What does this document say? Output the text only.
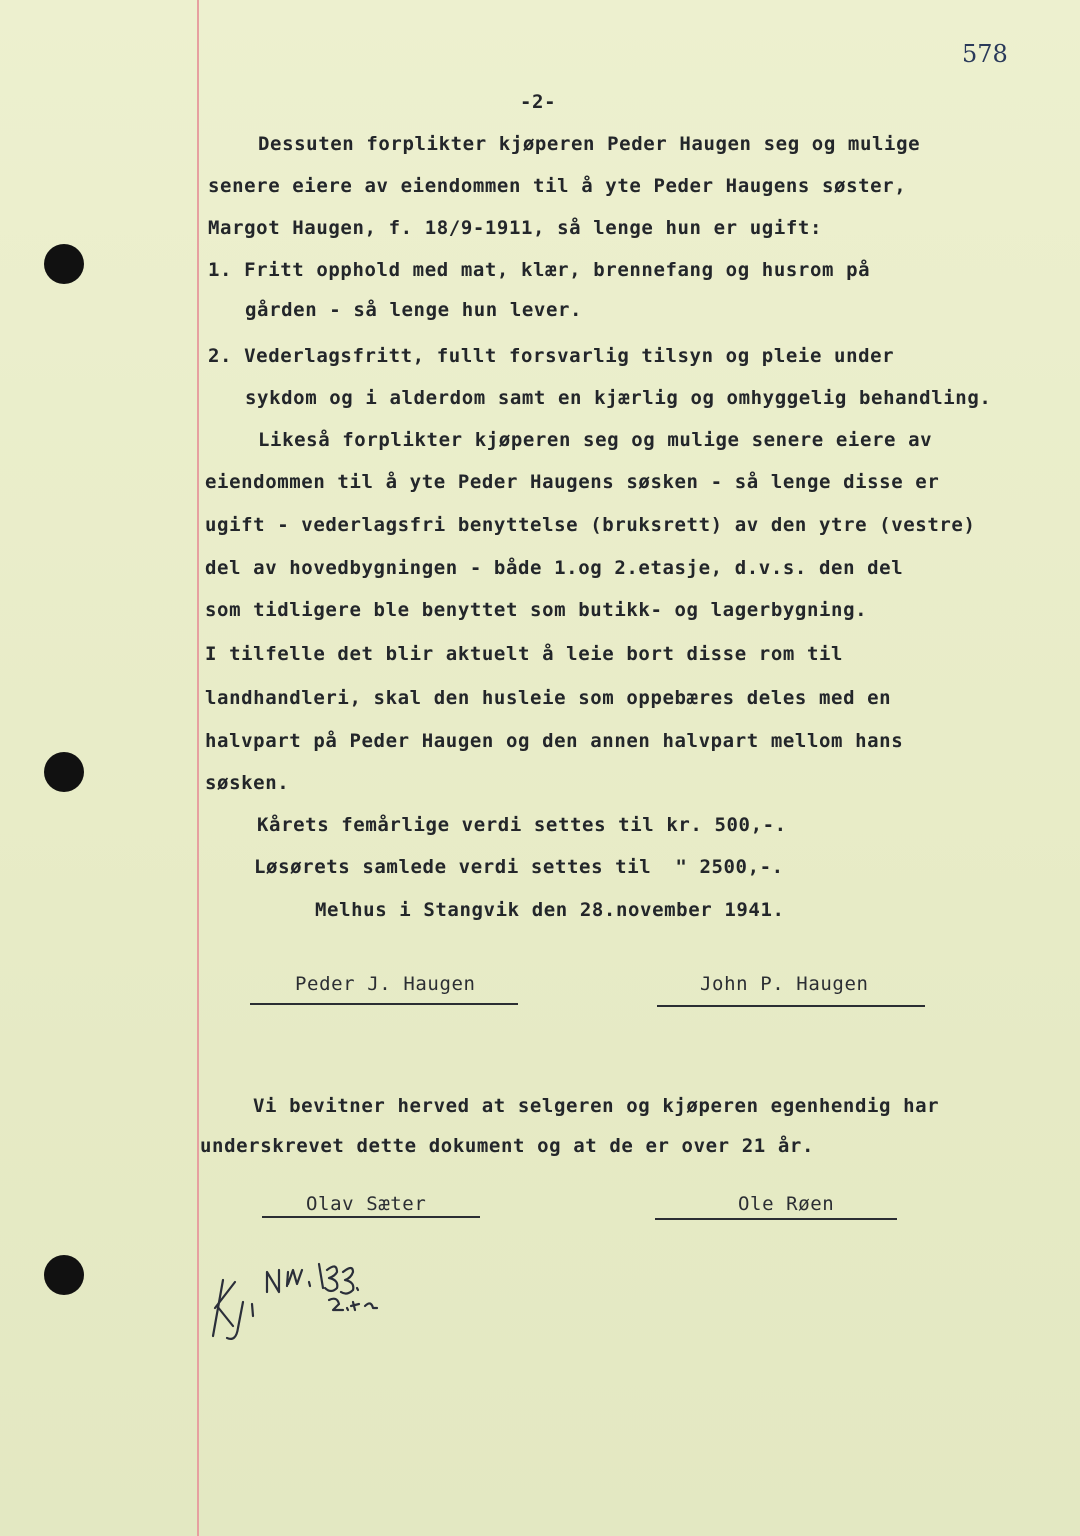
578
-2-
Dessuten forplikter kjøperen Peder Haugen seg og mulige
senere eiere av eiendommen til å yte Peder Haugens søster,
Margot Haugen, f. 18/9-1911, så lenge hun er ugift:
1. Fritt opphold med mat, klær, brennefang og husrom på
gården - så lenge hun lever.
2. Vederlagsfritt, fullt forsvarlig tilsyn og pleie under
sykdom og i alderdom samt en kjærlig og omhyggelig behandling.
Likeså forplikter kjøperen seg og mulige senere eiere av
eiendommen til å yte Peder Haugens søsken - så lenge disse er
ugift - vederlagsfri benyttelse (bruksrett) av den ytre (vestre)
del av hovedbygningen - både 1.og 2.etasje, d.v.s. den del
som tidligere ble benyttet som butikk- og lagerbygning.
I tilfelle det blir aktuelt å leie bort disse rom til
landhandleri, skal den husleie som oppebæres deles med en
halvpart på Peder Haugen og den annen halvpart mellom hans
søsken.
Kårets femårlige verdi settes til kr. 500,-.
Løsørets samlede verdi settes til  " 2500,-.
Melhus i Stangvik den 28.november 1941.
Peder J. Haugen	John P. Haugen
Vi bevitner herved at selgeren og kjøperen egenhendig har
underskrevet dette dokument og at de er over 21 år.
Olav Sæter	Ole Røen
